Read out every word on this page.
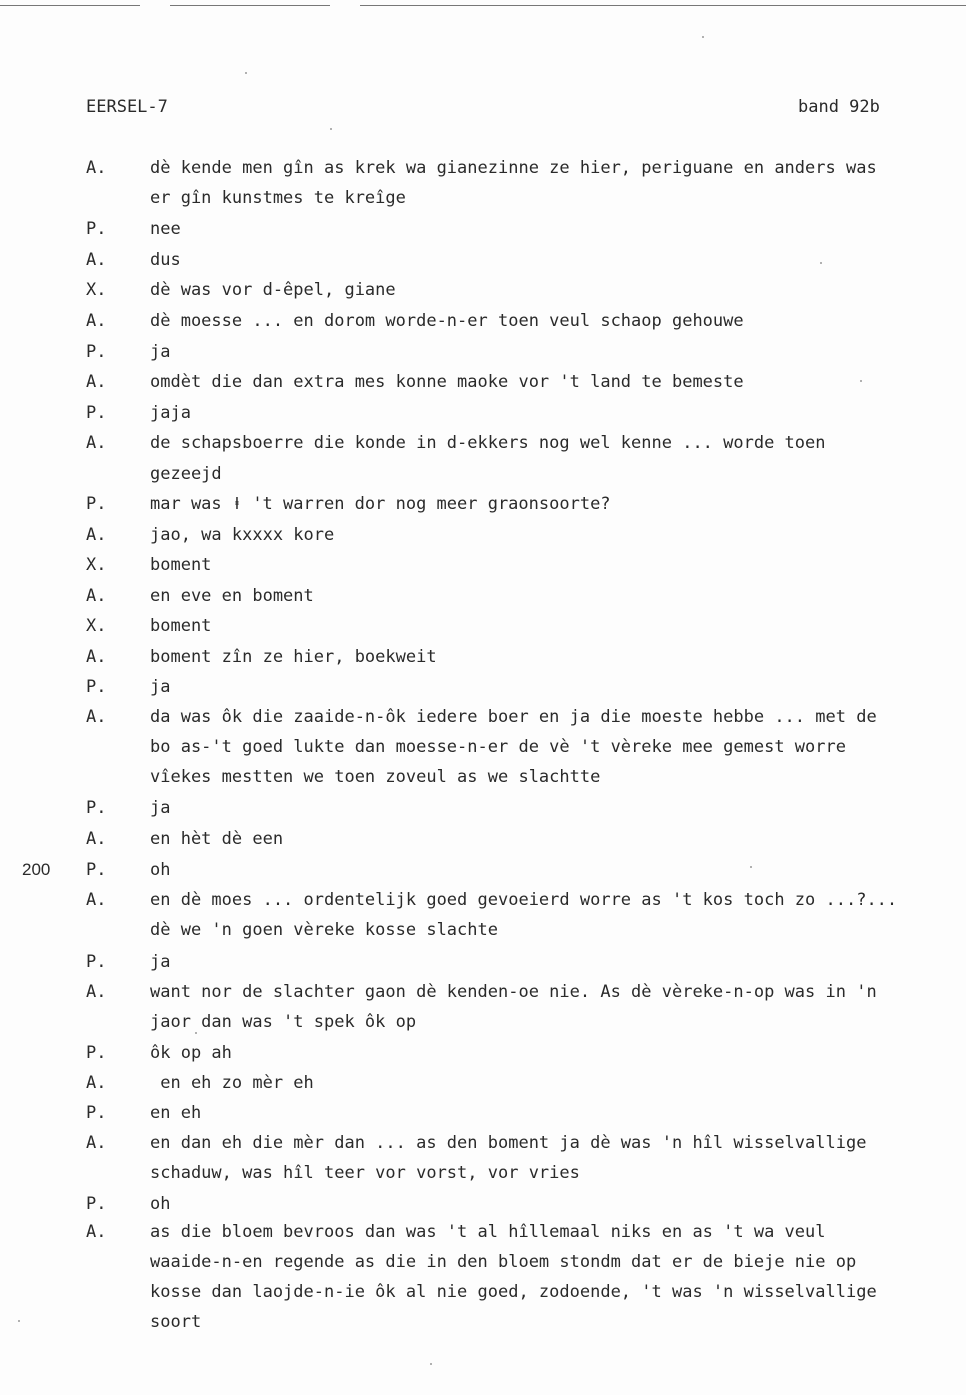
EERSEL-7	band 92b
200
A.	dè kende men gîn as krek wa gianezinne ze hier, periguane en anders was
er gîn kunstmes te kreîge
P.	nee
A.	dus
X.	dè was vor d-êpel, giane
A.	dè moesse ... en dorom worde-n-er toen veul schaop gehouwe
P.	ja
A.	omdèt die dan extra mes konne maoke vor 't land te bemeste
P.	jaja
A.	de schapsboerre die konde in d-ekkers nog wel kenne ... worde toen
gezeejd
P.	mar was ⱡ 't warren dor nog meer graonsoorte?
A.	jao, wa kxxxx kore
X.	boment
A.	en eve en boment
X.	boment
A.	boment zîn ze hier, boekweit
P.	ja
A.	da was ôk die zaaide-n-ôk iedere boer en ja die moeste hebbe ... met de
bo as-'t goed lukte dan moesse-n-er de vè 't vèreke mee gemest worre
vîekes mestten we toen zoveul as we slachtte
P.	ja
A.	en hèt dè een
P.	oh
A.	en dè moes ... ordentelijk goed gevoeierd worre as 't kos toch zo ...?...
dè we 'n goen vèreke kosse slachte
P.	ja
A.	want nor de slachter gaon dè kenden-oe nie. As dè vèreke-n-op was in 'n
jaor dan was 't spek ôk op
P.	ôk op ah
A.	en eh zo mèr eh
P.	en eh
A.	en dan eh die mèr dan ... as den boment ja dè was 'n hîl wisselvallige
schaduw, was hîl teer vor vorst, vor vries
P.	oh
A.	as die bloem bevroos dan was 't al hîllemaal niks en as 't wa veul
waaide-n-en regende as die in den bloem stondm dat er de bieje nie op
kosse dan laojde-n-ie ôk al nie goed, zodoende, 't was 'n wisselvallige
soort
